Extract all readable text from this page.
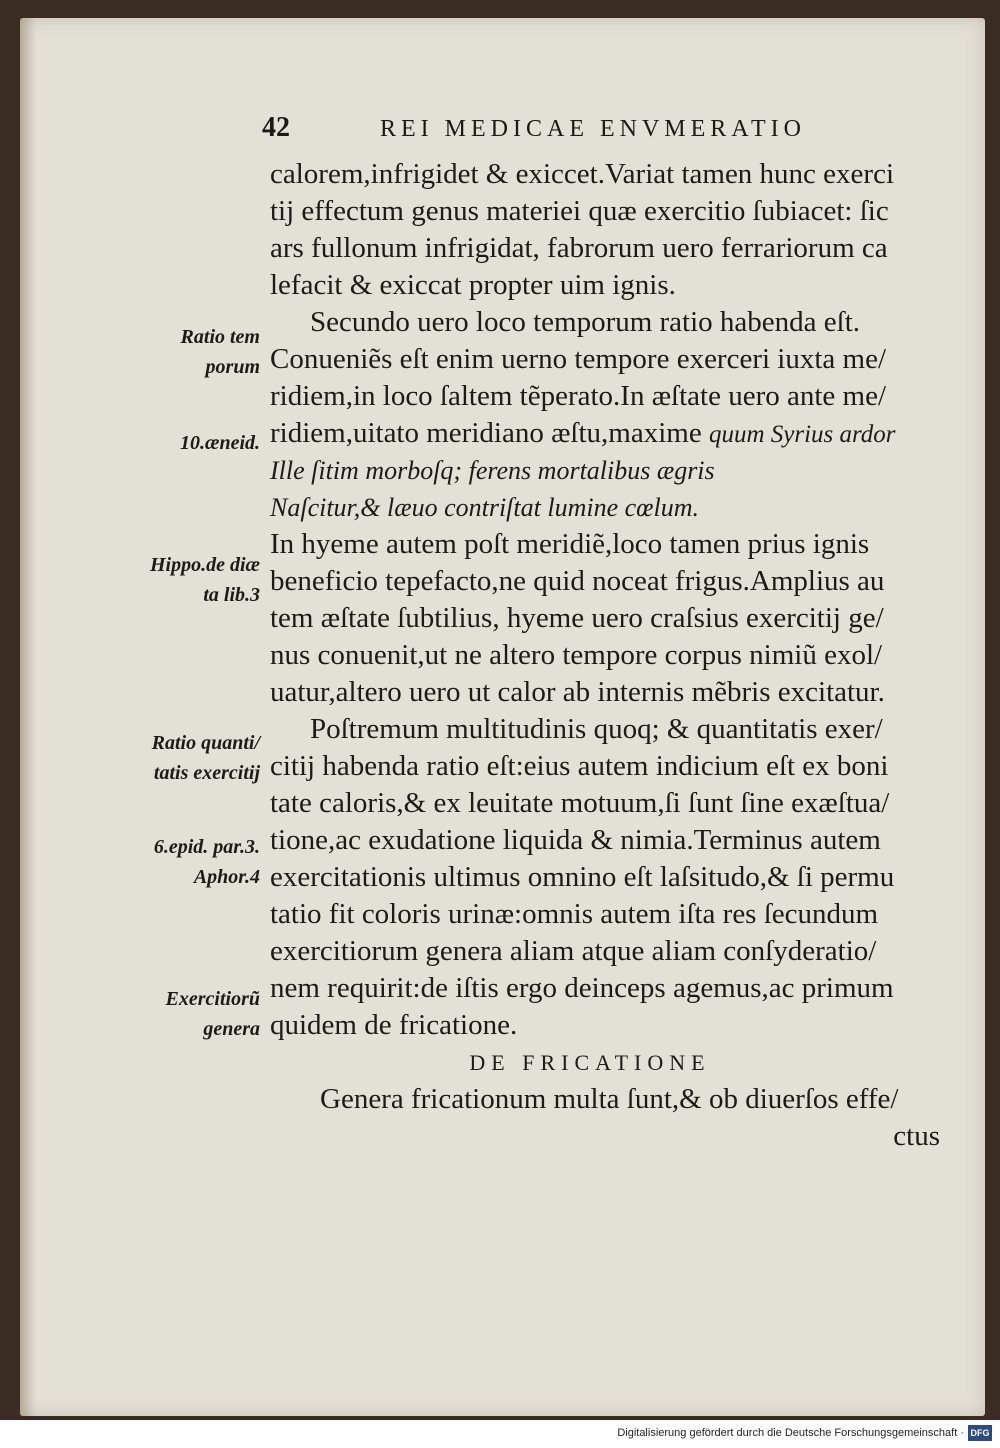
42	REI MEDICAE ENVMERATIO
calorem,infrigidet & exiccet.Variat tamen hunc exerci
tij effectum genus materiei quæ exercitio ſubiacet: ſic
ars fullonum infrigidat, fabrorum uero ferrariorum ca
lefacit & exiccat propter uim ignis.
Secundo uero loco temporum ratio habenda eſt.
Conueniẽs eſt enim uerno tempore exerceri iuxta me/
ridiem,in loco ſaltem tẽperato.In æſtate uero ante me/
ridiem,uitato meridiano æſtu,maxime quum Syrius ardor
Ille ſitim morboſq; ferens mortalibus ægris
Naſcitur,& læuo contriſtat lumine cœlum.
In hyeme autem poſt meridiẽ,loco tamen prius ignis
beneficio tepefacto,ne quid noceat frigus.Amplius au
tem æſtate ſubtilius, hyeme uero craſsius exercitij ge/
nus conuenit,ut ne altero tempore corpus nimiũ exol/
uatur,altero uero ut calor ab internis mẽbris excitatur.
Poſtremum multitudinis quoq; & quantitatis exer/
citij habenda ratio eſt:eius autem indicium eſt ex boni
tate caloris,& ex leuitate motuum,ſi ſunt ſine exæſtua/
tione,ac exudatione liquida & nimia.Terminus autem
exercitationis ultimus omnino eſt laſsitudo,& ſi permu
tatio fit coloris urinæ:omnis autem iſta res ſecundum
exercitiorum genera aliam atque aliam conſyderatio/
nem requirit:de iſtis ergo deinceps agemus,ac primum
quidem de fricatione.
DE FRICATIONE
Genera fricationum multa ſunt,& ob diuerſos effe/
ctus
Ratio tem
porum
10.æneid.
Hippo.de diæ
ta lib.3
Ratio quanti/
tatis exercitij
6.epid. par.3.
Aphor.4
Exercitiorũ
genera
Digitalisierung gefördert durch die Deutsche Forschungsgemeinschaft · DFG
